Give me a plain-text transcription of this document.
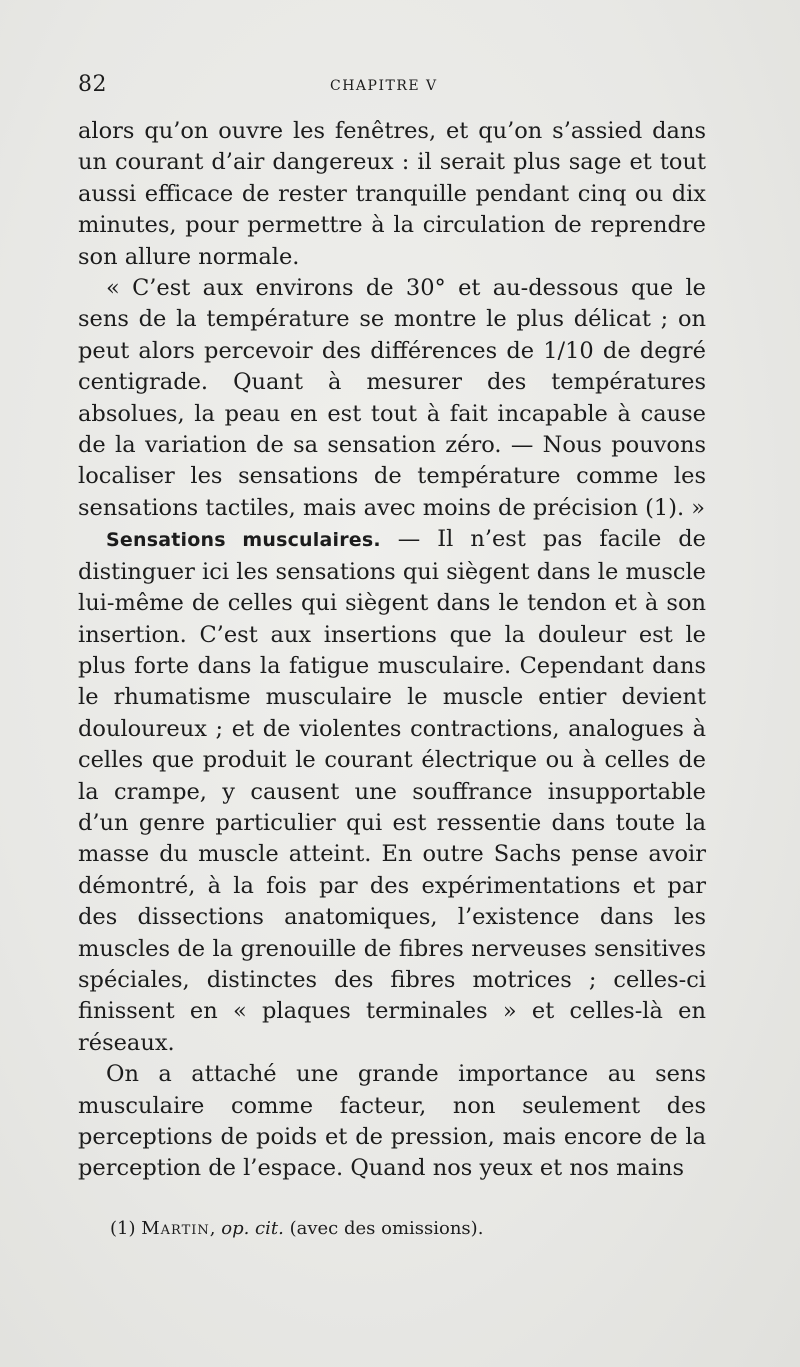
82	CHAPITRE V

alors qu’on ouvre les fenêtres, et qu’on s’assied dans un courant d’air dangereux : il serait plus sage et tout aussi efficace de rester tranquille pendant cinq ou dix minutes, pour permettre à la circulation de reprendre son allure normale.

« C’est aux environs de 30° et au-dessous que le sens de la température se montre le plus délicat ; on peut alors percevoir des différences de 1/10 de degré centigrade. Quant à mesurer des températures absolues, la peau en est tout à fait incapable à cause de la variation de sa sensation zéro. — Nous pouvons localiser les sensations de température comme les sensations tactiles, mais avec moins de précision (1). »

Sensations musculaires. — Il n’est pas facile de distinguer ici les sensations qui siègent dans le muscle lui-même de celles qui siègent dans le tendon et à son insertion. C’est aux insertions que la douleur est le plus forte dans la fatigue musculaire. Cependant dans le rhumatisme musculaire le muscle entier devient douloureux ; et de violentes contractions, analogues à celles que produit le courant électrique ou à celles de la crampe, y causent une souffrance insupportable d’un genre particulier qui est ressentie dans toute la masse du muscle atteint. En outre Sachs pense avoir démontré, à la fois par des expérimentations et par des dissections anatomiques, l’existence dans les muscles de la grenouille de fibres nerveuses sensitives spéciales, distinctes des fibres motrices ; celles-ci finissent en « plaques terminales » et celles-là en réseaux.

On a attaché une grande importance au sens musculaire comme facteur, non seulement des perceptions de poids et de pression, mais encore de la perception de l’espace. Quand nos yeux et nos mains

(1) Martin, op. cit. (avec des omissions).
